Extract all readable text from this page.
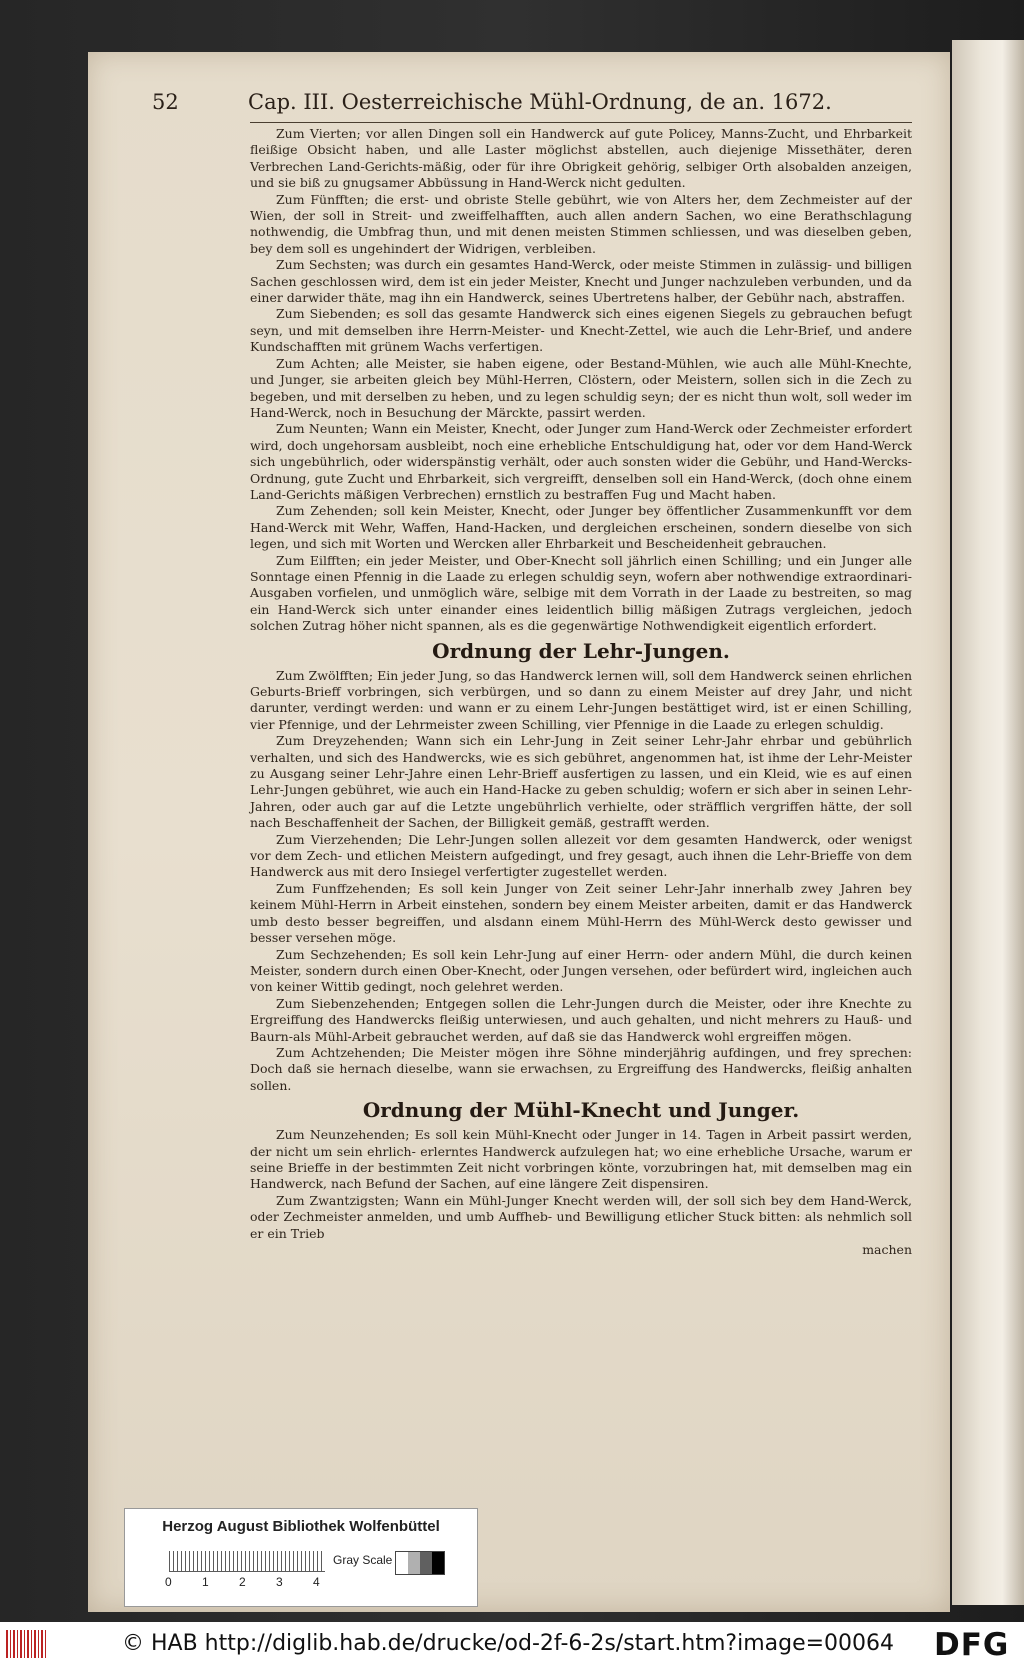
52	Cap. III. Oesterreichische Mühl-Ordnung, de an. 1672.

Zum Vierten; vor allen Dingen soll ein Handwerck auf gute Policey, Manns-Zucht, und Ehrbarkeit fleißige Obsicht haben, und alle Laster möglichst abstellen, auch diejenige Missethäter, deren Verbrechen Land-Gerichts-mäßig, oder für ihre Obrigkeit gehörig, selbiger Orth alsobalden anzeigen, und sie biß zu gnugsamer Abbüssung in Hand-Werck nicht gedulten.

Zum Fünfften; die erst- und obriste Stelle gebührt, wie von Alters her, dem Zechmeister auf der Wien, der soll in Streit- und zweiffelhafften, auch allen andern Sachen, wo eine Berathschlagung nothwendig, die Umbfrag thun, und mit denen meisten Stimmen schliessen, und was dieselben geben, bey dem soll es ungehindert der Widrigen, verbleiben.

Zum Sechsten; was durch ein gesamtes Hand-Werck, oder meiste Stimmen in zulässig- und billigen Sachen geschlossen wird, dem ist ein jeder Meister, Knecht und Junger nachzuleben verbunden, und da einer darwider thäte, mag ihn ein Handwerck, seines Ubertretens halber, der Gebühr nach, abstraffen.

Zum Siebenden; es soll das gesamte Handwerck sich eines eigenen Siegels zu gebrauchen befugt seyn, und mit demselben ihre Herrn-Meister- und Knecht-Zettel, wie auch die Lehr-Brief, und andere Kundschafften mit grünem Wachs verfertigen.

Zum Achten; alle Meister, sie haben eigene, oder Bestand-Mühlen, wie auch alle Mühl-Knechte, und Junger, sie arbeiten gleich bey Mühl-Herren, Clöstern, oder Meistern, sollen sich in die Zech zu begeben, und mit derselben zu heben, und zu legen schuldig seyn; der es nicht thun wolt, soll weder im Hand-Werck, noch in Besuchung der Märckte, passirt werden.

Zum Neunten; Wann ein Meister, Knecht, oder Junger zum Hand-Werck oder Zechmeister erfordert wird, doch ungehorsam ausbleibt, noch eine erhebliche Entschuldigung hat, oder vor dem Hand-Werck sich ungebührlich, oder widerspänstig verhält, oder auch sonsten wider die Gebühr, und Hand-Wercks-Ordnung, gute Zucht und Ehrbarkeit, sich vergreifft, denselben soll ein Hand-Werck, (doch ohne einem Land-Gerichts mäßigen Verbrechen) ernstlich zu bestraffen Fug und Macht haben.

Zum Zehenden; soll kein Meister, Knecht, oder Junger bey öffentlicher Zusammenkunfft vor dem Hand-Werck mit Wehr, Waffen, Hand-Hacken, und dergleichen erscheinen, sondern dieselbe von sich legen, und sich mit Worten und Wercken aller Ehrbarkeit und Bescheidenheit gebrauchen.

Zum Eilfften; ein jeder Meister, und Ober-Knecht soll jährlich einen Schilling; und ein Junger alle Sonntage einen Pfennig in die Laade zu erlegen schuldig seyn, wofern aber nothwendige extraordinari-Ausgaben vorfielen, und unmöglich wäre, selbige mit dem Vorrath in der Laade zu bestreiten, so mag ein Hand-Werck sich unter einander eines leidentlich billig mäßigen Zutrags vergleichen, jedoch solchen Zutrag höher nicht spannen, als es die gegenwärtige Nothwendigkeit eigentlich erfordert.

Ordnung der Lehr-Jungen.

Zum Zwölfften; Ein jeder Jung, so das Handwerck lernen will, soll dem Handwerck seinen ehrlichen Geburts-Brieff vorbringen, sich verbürgen, und so dann zu einem Meister auf drey Jahr, und nicht darunter, verdingt werden: und wann er zu einem Lehr-Jungen bestättiget wird, ist er einen Schilling, vier Pfennige, und der Lehrmeister zween Schilling, vier Pfennige in die Laade zu erlegen schuldig.

Zum Dreyzehenden; Wann sich ein Lehr-Jung in Zeit seiner Lehr-Jahr ehrbar und gebührlich verhalten, und sich des Handwercks, wie es sich gebühret, angenommen hat, ist ihme der Lehr-Meister zu Ausgang seiner Lehr-Jahre einen Lehr-Brieff ausfertigen zu lassen, und ein Kleid, wie es auf einen Lehr-Jungen gebühret, wie auch ein Hand-Hacke zu geben schuldig; wofern er sich aber in seinen Lehr-Jahren, oder auch gar auf die Letzte ungebührlich verhielte, oder sträfflich vergriffen hätte, der soll nach Beschaffenheit der Sachen, der Billigkeit gemäß, gestrafft werden.

Zum Vierzehenden; Die Lehr-Jungen sollen allezeit vor dem gesamten Handwerck, oder wenigst vor dem Zech- und etlichen Meistern aufgedingt, und frey gesagt, auch ihnen die Lehr-Brieffe von dem Handwerck aus mit dero Insiegel verfertigter zugestellet werden.

Zum Funffzehenden; Es soll kein Junger von Zeit seiner Lehr-Jahr innerhalb zwey Jahren bey keinem Mühl-Herrn in Arbeit einstehen, sondern bey einem Meister arbeiten, damit er das Handwerck umb desto besser begreiffen, und alsdann einem Mühl-Herrn des Mühl-Werck desto gewisser und besser versehen möge.

Zum Sechzehenden; Es soll kein Lehr-Jung auf einer Herrn- oder andern Mühl, die durch keinen Meister, sondern durch einen Ober-Knecht, oder Jungen versehen, oder befürdert wird, ingleichen auch von keiner Wittib gedingt, noch gelehret werden.

Zum Siebenzehenden; Entgegen sollen die Lehr-Jungen durch die Meister, oder ihre Knechte zu Ergreiffung des Handwercks fleißig unterwiesen, und auch gehalten, und nicht mehrers zu Hauß- und Baurn-als Mühl-Arbeit gebrauchet werden, auf daß sie das Handwerck wohl ergreiffen mögen.

Zum Achtzehenden; Die Meister mögen ihre Söhne minderjährig aufdingen, und frey sprechen: Doch daß sie hernach dieselbe, wann sie erwachsen, zu Ergreiffung des Handwercks, fleißig anhalten sollen.

Ordnung der Mühl-Knecht und Junger.

Zum Neunzehenden; Es soll kein Mühl-Knecht oder Junger in 14. Tagen in Arbeit passirt werden, der nicht um sein ehrlich- erlerntes Handwerck aufzulegen hat; wo eine erhebliche Ursache, warum er seine Brieffe in der bestimmten Zeit nicht vorbringen könte, vorzubringen hat, mit demselben mag ein Handwerck, nach Befund der Sachen, auf eine längere Zeit dispensiren.

Zum Zwantzigsten; Wann ein Mühl-Junger Knecht werden will, der soll sich bey dem Hand-Werck, oder Zechmeister anmelden, und umb Auffheb- und Bewilligung etlicher Stuck bitten: als nehmlich soll er ein Trieb

machen
Herzog August Bibliothek Wolfenbüttel
0	1	2	3	4
Gray Scale
© HAB http://diglib.hab.de/drucke/od-2f-6-2s/start.htm?image=00064 DFG
